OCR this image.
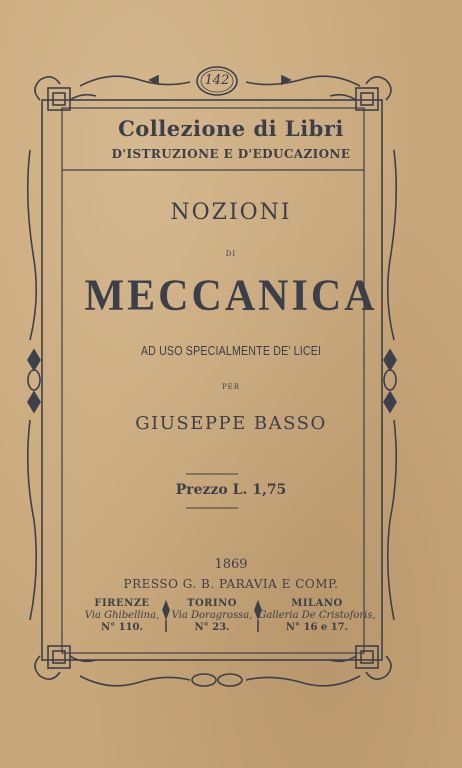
142
Collezione di Libri
D'ISTRUZIONE E D'EDUCAZIONE
NOZIONI
DI
MECCANICA
AD USO SPECIALMENTE DE' LICEI
PER
GIUSEPPE BASSO
Prezzo L. 1,75
1869
PRESSO G. B. PARAVIA E COMP.
FIRENZE
Via Ghibellina,
N° 110.
TORINO
Via Doragrossa,
N° 23.
MILANO
Galleria De Cristoforis,
N° 16 e 17.
